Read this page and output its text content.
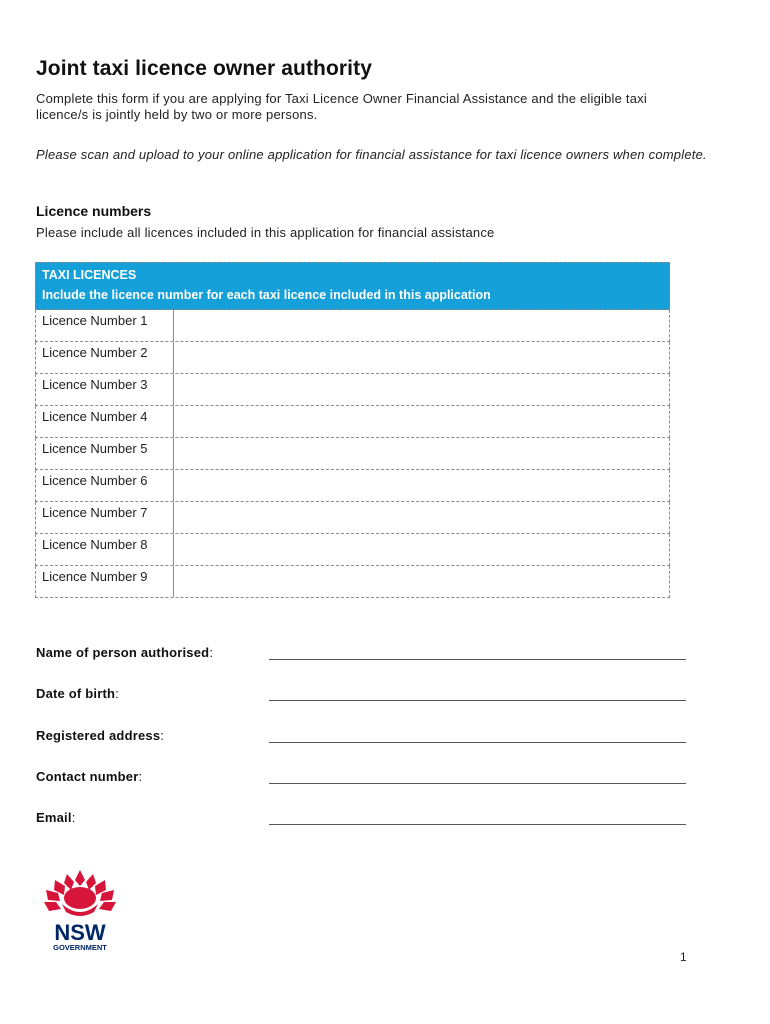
Joint taxi licence owner authority

Complete this form if you are applying for Taxi Licence Owner Financial Assistance and the eligible taxi licence/s is jointly held by two or more persons.

Please scan and upload to your online application for financial assistance for taxi licence owners when complete.

Licence numbers

Please include all licences included in this application for financial assistance

TAXI LICENCES
Include the licence number for each taxi licence included in this application
Licence Number 1
Licence Number 2
Licence Number 3
Licence Number 4
Licence Number 5
Licence Number 6
Licence Number 7
Licence Number 8
Licence Number 9
Name of person authorised:
Date of birth:
Registered address:
Contact number:
Email:
NSW
GOVERNMENT
1
